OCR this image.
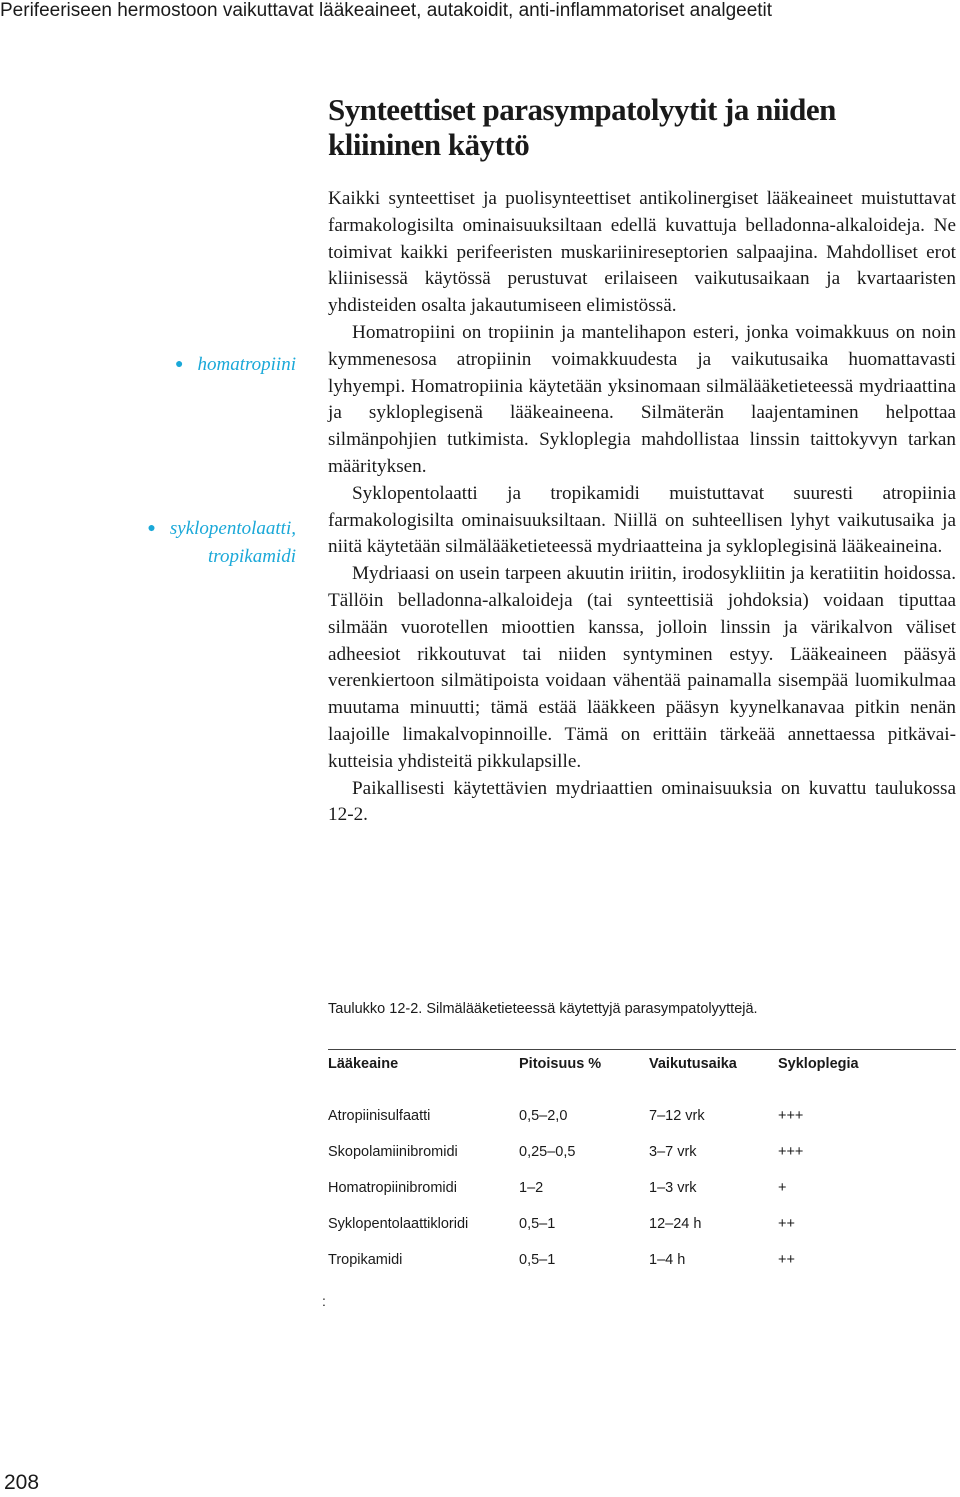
Perifeeriseen hermostoon vaikuttavat lääkeaineet, autakoidit, anti-inflammatoriset analgeetit
Synteettiset parasympatolyytit ja niiden kliininen käyttö

Kaikki synteettiset ja puolisynteettiset antikolinergiset lääkeaineet muistuttavat farmakologisilta ominaisuuksiltaan edellä kuvattuja belladonna-alkaloideja. Ne toimivat kaikki perifeeristen muskariinireseptorien salpaajina. Mahdolliset erot kliinisessä käytössä perustuvat erilaiseen vaikutusaikaan ja kvartaaristen yhdisteiden osalta jakautumiseen elimistössä.

Homatropiini on tropiinin ja mantelihapon esteri, jonka voimakkuus on noin kymmenesosa atropiinin voimakkuudesta ja vaikutusaika huomattavasti lyhyempi. Homatropiinia käytetään yksinomaan silmälääketieteessä mydriaattina ja sykloplegisenä lääkeaineena. Silmäterän laajentaminen helpottaa silmänpohjien tutkimista. Sykloplegia mahdollistaa linssin taittokyvyn tarkan määrityksen.

Syklopentolaatti ja tropikamidi muistuttavat suuresti atropiinia farmakologisilta ominaisuuksiltaan. Niillä on suhteellisen lyhyt vaikutusaika ja niitä käytetään silmälääketieteessä mydriaatteina ja sykloplegisinä lääkeaineina.

Mydriaasi on usein tarpeen akuutin iriitin, irodosykliitin ja keratiitin hoidossa. Tällöin belladonna-alkaloideja (tai synteettisiä johdoksia) voidaan tiputtaa silmään vuorotellen mioottien kanssa, jolloin linssin ja värikalvon väliset adheesiot rikkoutuvat tai niiden syntyminen estyy. Lääkeaineen pääsyä verenkiertoon silmätipoista voidaan vähentää painamalla sisempää luomikulmaa muutama minuutti; tämä estää lääkkeen pääsyn kyynelkanavaa pitkin nenän laajoille limakalvopinnoille. Tämä on erittäin tärkeää annettaessa pitkävaikutteisia yhdisteitä pikkulapsille.

Paikallisesti käytettävien mydriaattien ominaisuuksia on kuvattu taulukossa 12-2.

● homatropiini
● syklopentolaatti,
tropikamidi
Taulukko 12-2. Silmälääketieteessä käytettyjä parasympatolyyttejä.
Lääkeaine	Pitoisuus %	Vaikutusaika	Sykloplegia
Atropiinisulfaatti	0,5–2,0	7–12 vrk	+++
Skopolamiinibromidi	0,25–0,5	3–7 vrk	+++
Homatropiinibromidi	1–2	1–3 vrk	+
Syklopentolaattikloridi	0,5–1	12–24 h	++
Tropikamidi	0,5–1	1–4 h	++
:
208
